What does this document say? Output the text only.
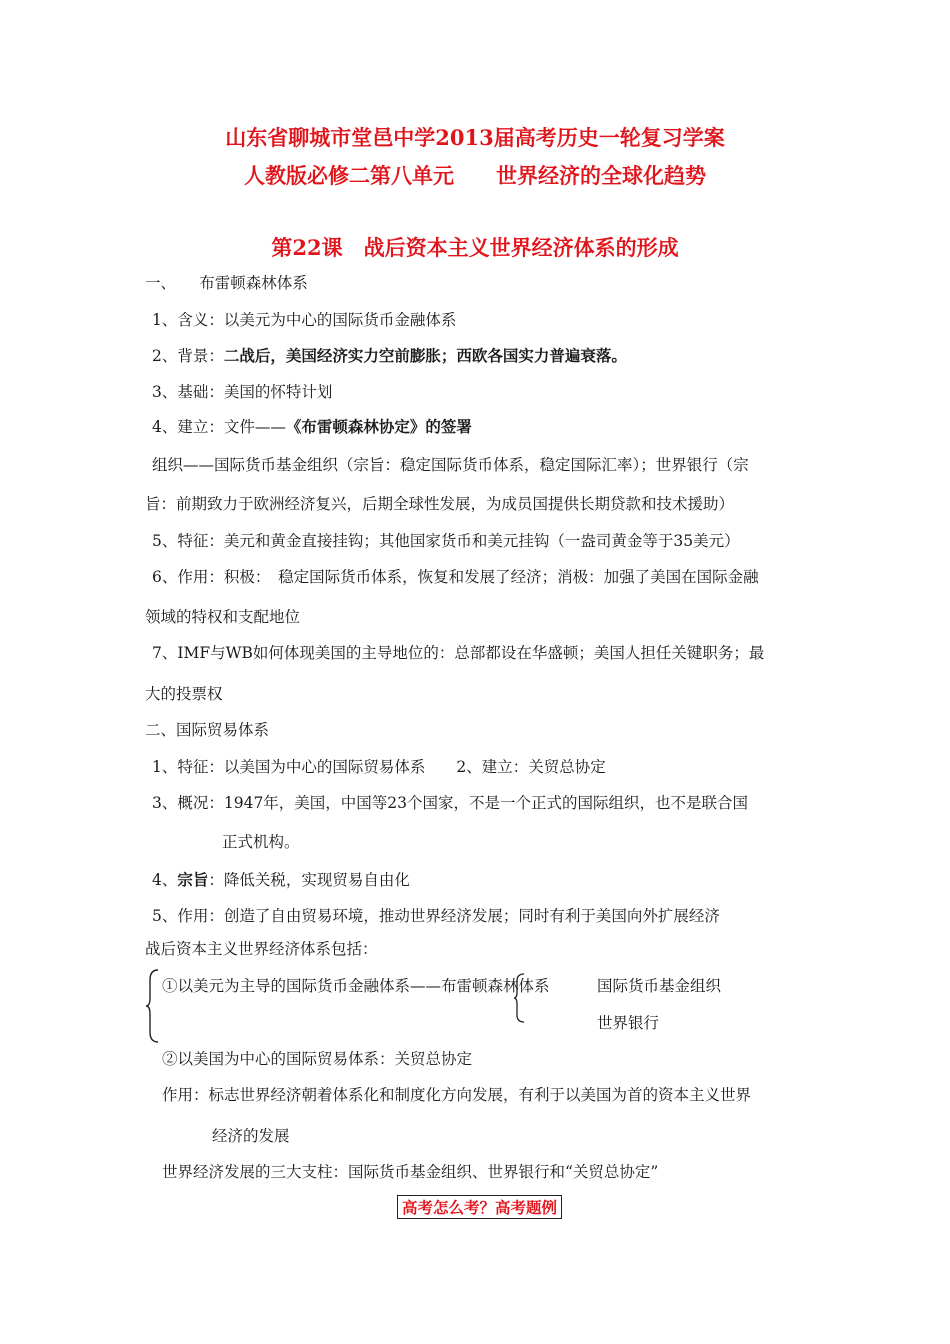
山东省聊城市堂邑中学2013届高考历史一轮复习学案
人教版必修二第八单元　　世界经济的全球化趋势
第22课　战后资本主义世界经济体系的形成
一、　　布雷顿森林体系
1、含义：以美元为中心的国际货币金融体系
2、背景：二战后，美国经济实力空前膨胀；西欧各国实力普遍衰落。
3、基础：美国的怀特计划
4、建立：文件——《布雷顿森林协定》的签署
组织——国际货币基金组织（宗旨：稳定国际货币体系，稳定国际汇率）；世界银行（宗
旨：前期致力于欧洲经济复兴，后期全球性发展，为成员国提供长期贷款和技术援助）
5、特征：美元和黄金直接挂钩；其他国家货币和美元挂钩（一盎司黄金等于35美元）
6、作用：积极：　稳定国际货币体系，恢复和发展了经济；消极：加强了美国在国际金融
领域的特权和支配地位
7、IMF与WB如何体现美国的主导地位的：总部都设在华盛顿；美国人担任关键职务；最
大的投票权
二、国际贸易体系
1、特征：以美国为中心的国际贸易体系　　2、建立：关贸总协定
3、概况：1947年，美国，中国等23个国家，不是一个正式的国际组织，也不是联合国
正式机构。
4、宗旨：降低关税，实现贸易自由化
5、作用：创造了自由贸易环境，推动世界经济发展；同时有利于美国向外扩展经济
战后资本主义世界经济体系包括：
①以美元为主导的国际货币金融体系——布雷顿森林体系	国际货币基金组织
世界银行
②以美国为中心的国际贸易体系：关贸总协定
作用：标志世界经济朝着体系化和制度化方向发展，有利于以美国为首的资本主义世界
经济的发展
世界经济发展的三大支柱：国际货币基金组织、世界银行和“关贸总协定”
高考怎么考？高考题例
